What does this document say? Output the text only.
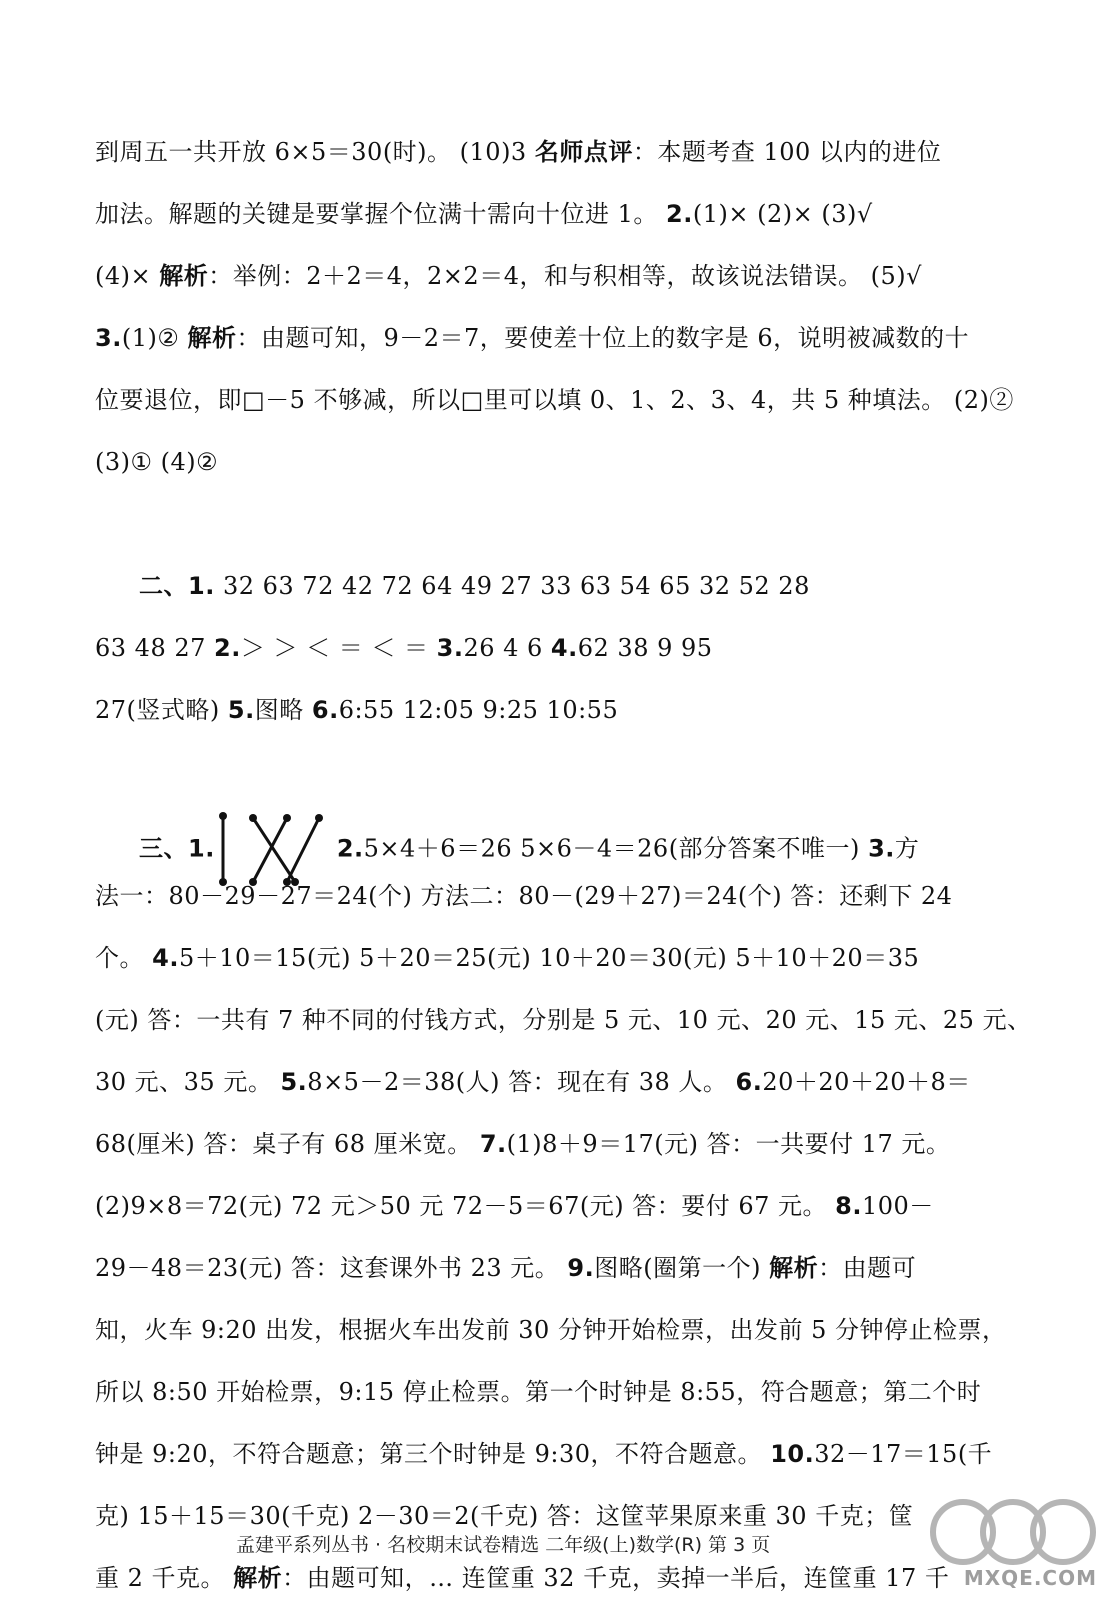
到周五一共开放 6×5＝30(时)。 (10)3 名师点评：本题考查 100 以内的进位
加法。解题的关键是要掌握个位满十需向十位进 1。 2.(1)× (2)× (3)√
(4)× 解析：举例：2＋2＝4，2×2＝4，和与积相等，故该说法错误。 (5)√
3.(1)② 解析：由题可知，9－2＝7，要使差十位上的数字是 6，说明被减数的十
位要退位，即□－5 不够减，所以□里可以填 0、1、2、3、4，共 5 种填法。 (2)②
(3)① (4)②
二、1. 32 63 72 42 72 64 49 27 33 63 54 65 32 52 28
63 48 27 2.＞ ＞ ＜ ＝ ＜ ＝ 3.26 4 6 4.62 38 9 95
27(竖式略) 5.图略 6.6:55 12:05 9:25 10:55
三、1.	2.5×4＋6＝26 5×6－4＝26(部分答案不唯一) 3.方
法一：80－29－27＝24(个) 方法二：80－(29＋27)＝24(个) 答：还剩下 24
个。 4.5＋10＝15(元) 5＋20＝25(元) 10＋20＝30(元) 5＋10＋20＝35
(元) 答：一共有 7 种不同的付钱方式，分别是 5 元、10 元、20 元、15 元、25 元、
30 元、35 元。 5.8×5－2＝38(人) 答：现在有 38 人。 6.20＋20＋20＋8＝
68(厘米) 答：桌子有 68 厘米宽。 7.(1)8＋9＝17(元) 答：一共要付 17 元。
(2)9×8＝72(元) 72 元＞50 元 72－5＝67(元) 答：要付 67 元。 8.100－
29－48＝23(元) 答：这套课外书 23 元。 9.图略(圈第一个) 解析：由题可
知，火车 9:20 出发，根据火车出发前 30 分钟开始检票，出发前 5 分钟停止检票，
所以 8:50 开始检票，9:15 停止检票。第一个时钟是 8:55，符合题意；第二个时
钟是 9:20，不符合题意；第三个时钟是 9:30，不符合题意。 10.32－17＝15(千
克) 15＋15＝30(千克) 2－30＝2(千克) 答：这筐苹果原来重 30 千克；筐
重 2 千克。 解析：由题可知，… 连筐重 32 千克，卖掉一半后，连筐重 17 千
孟建平系列丛书 · 名校期末试卷精选 二年级(上)数学(R) 第 3 页
MXQE.COM
